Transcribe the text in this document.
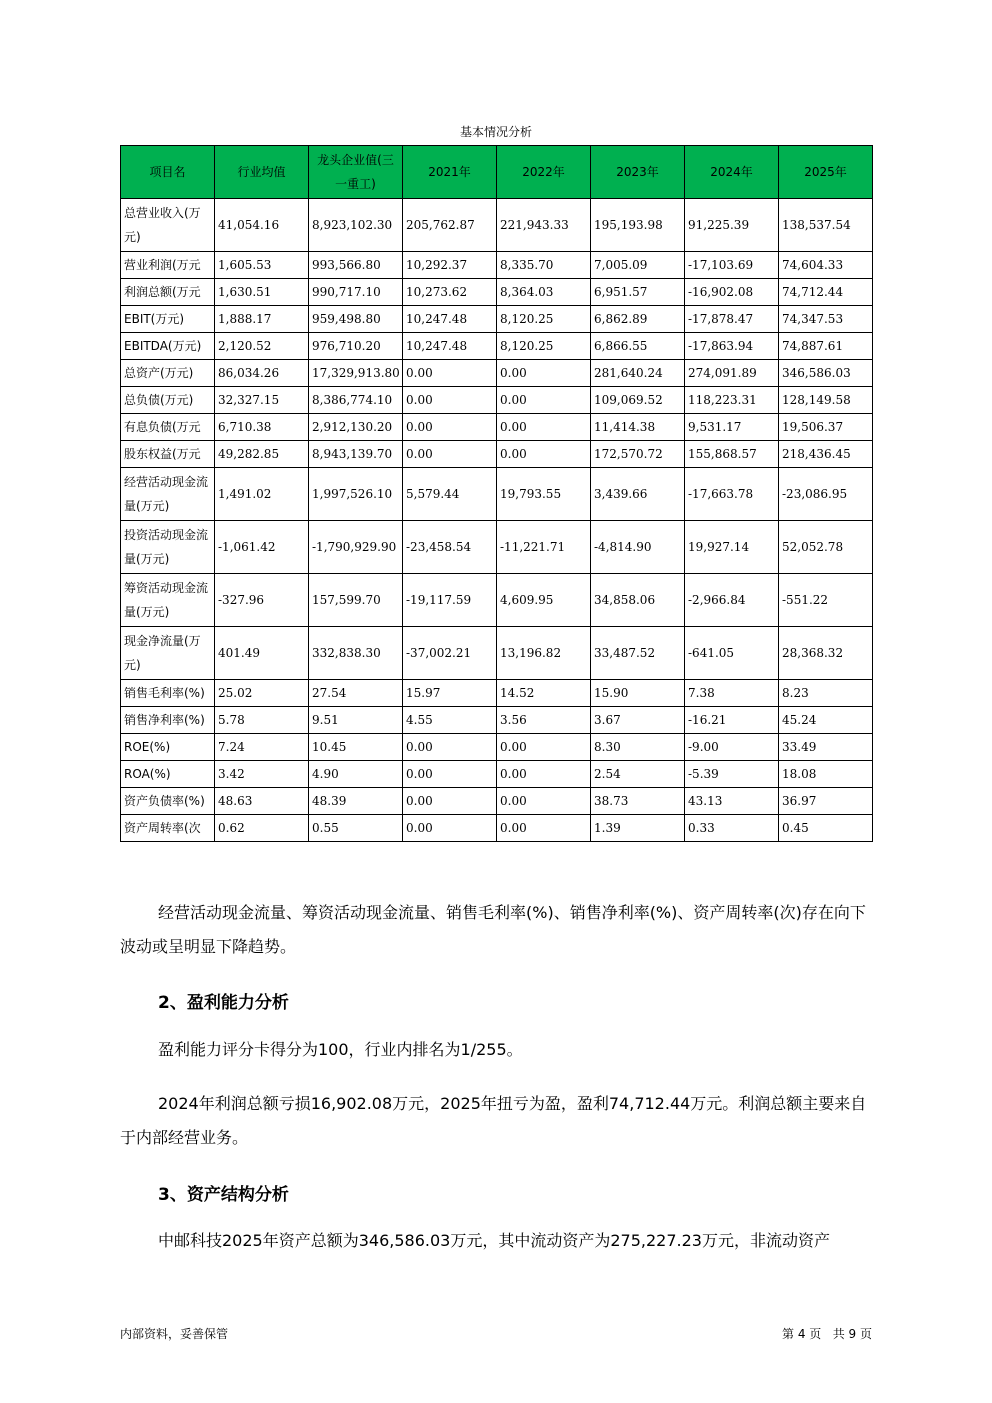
基本情况分析
项目名	行业均值	龙头企业值(三一重工)	2021年	2022年	2023年	2024年	2025年
总营业收入(万元)	41,054.16	8,923,102.30	205,762.87	221,943.33	195,193.98	91,225.39	138,537.54
营业利润(万元	1,605.53	993,566.80	10,292.37	8,335.70	7,005.09	-17,103.69	74,604.33
利润总额(万元	1,630.51	990,717.10	10,273.62	8,364.03	6,951.57	-16,902.08	74,712.44
EBIT(万元)	1,888.17	959,498.80	10,247.48	8,120.25	6,862.89	-17,878.47	74,347.53
EBITDA(万元)	2,120.52	976,710.20	10,247.48	8,120.25	6,866.55	-17,863.94	74,887.61
总资产(万元)	86,034.26	17,329,913.80	0.00	0.00	281,640.24	274,091.89	346,586.03
总负债(万元)	32,327.15	8,386,774.10	0.00	0.00	109,069.52	118,223.31	128,149.58
有息负债(万元	6,710.38	2,912,130.20	0.00	0.00	11,414.38	9,531.17	19,506.37
股东权益(万元	49,282.85	8,943,139.70	0.00	0.00	172,570.72	155,868.57	218,436.45
经营活动现金流量(万元)	1,491.02	1,997,526.10	5,579.44	19,793.55	3,439.66	-17,663.78	-23,086.95
投资活动现金流量(万元)	-1,061.42	-1,790,929.90	-23,458.54	-11,221.71	-4,814.90	19,927.14	52,052.78
筹资活动现金流量(万元)	-327.96	157,599.70	-19,117.59	4,609.95	34,858.06	-2,966.84	-551.22
现金净流量(万元)	401.49	332,838.30	-37,002.21	13,196.82	33,487.52	-641.05	28,368.32
销售毛利率(%)	25.02	27.54	15.97	14.52	15.90	7.38	8.23
销售净利率(%)	5.78	9.51	4.55	3.56	3.67	-16.21	45.24
ROE(%)	7.24	10.45	0.00	0.00	8.30	-9.00	33.49
ROA(%)	3.42	4.90	0.00	0.00	2.54	-5.39	18.08
资产负债率(%)	48.63	48.39	0.00	0.00	38.73	43.13	36.97
资产周转率(次	0.62	0.55	0.00	0.00	1.39	0.33	0.45
经营活动现金流量、筹资活动现金流量、销售毛利率(%)、销售净利率(%)、资产周转率(次)存在向下波动或呈明显下降趋势。
2、盈利能力分析
盈利能力评分卡得分为100，行业内排名为1/255。
2024年利润总额亏损16,902.08万元，2025年扭亏为盈，盈利74,712.44万元。利润总额主要来自于内部经营业务。
3、资产结构分析
中邮科技2025年资产总额为346,586.03万元，其中流动资产为275,227.23万元，非流动资产
内部资料，妥善保管	第 4 页   共 9 页
